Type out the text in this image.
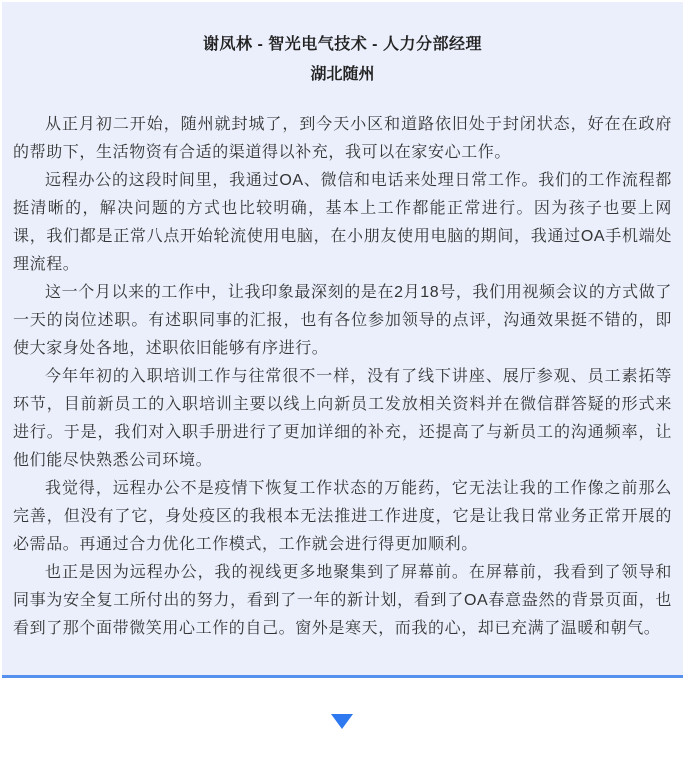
谢凤林 - 智光电气技术 - 人力分部经理
湖北随州

从正月初二开始，随州就封城了，到今天小区和道路依旧处于封闭状态，好在在政府的帮助下，生活物资有合适的渠道得以补充，我可以在家安心工作。

远程办公的这段时间里，我通过OA、微信和电话来处理日常工作。我们的工作流程都挺清晰的，解决问题的方式也比较明确，基本上工作都能正常进行。因为孩子也要上网课，我们都是正常八点开始轮流使用电脑，在小朋友使用电脑的期间，我通过OA手机端处理流程。

这一个月以来的工作中，让我印象最深刻的是在2月18号，我们用视频会议的方式做了一天的岗位述职。有述职同事的汇报，也有各位参加领导的点评，沟通效果挺不错的，即使大家身处各地，述职依旧能够有序进行。

今年年初的入职培训工作与往常很不一样，没有了线下讲座、展厅参观、员工素拓等环节，目前新员工的入职培训主要以线上向新员工发放相关资料并在微信群答疑的形式来进行。于是，我们对入职手册进行了更加详细的补充，还提高了与新员工的沟通频率，让他们能尽快熟悉公司环境。

我觉得，远程办公不是疫情下恢复工作状态的万能药，它无法让我的工作像之前那么完善，但没有了它，身处疫区的我根本无法推进工作进度，它是让我日常业务正常开展的必需品。再通过合力优化工作模式，工作就会进行得更加顺利。

也正是因为远程办公，我的视线更多地聚集到了屏幕前。在屏幕前，我看到了领导和同事为安全复工所付出的努力，看到了一年的新计划，看到了OA春意盎然的背景页面，也看到了那个面带微笑用心工作的自己。窗外是寒天，而我的心，却已充满了温暖和朝气。
